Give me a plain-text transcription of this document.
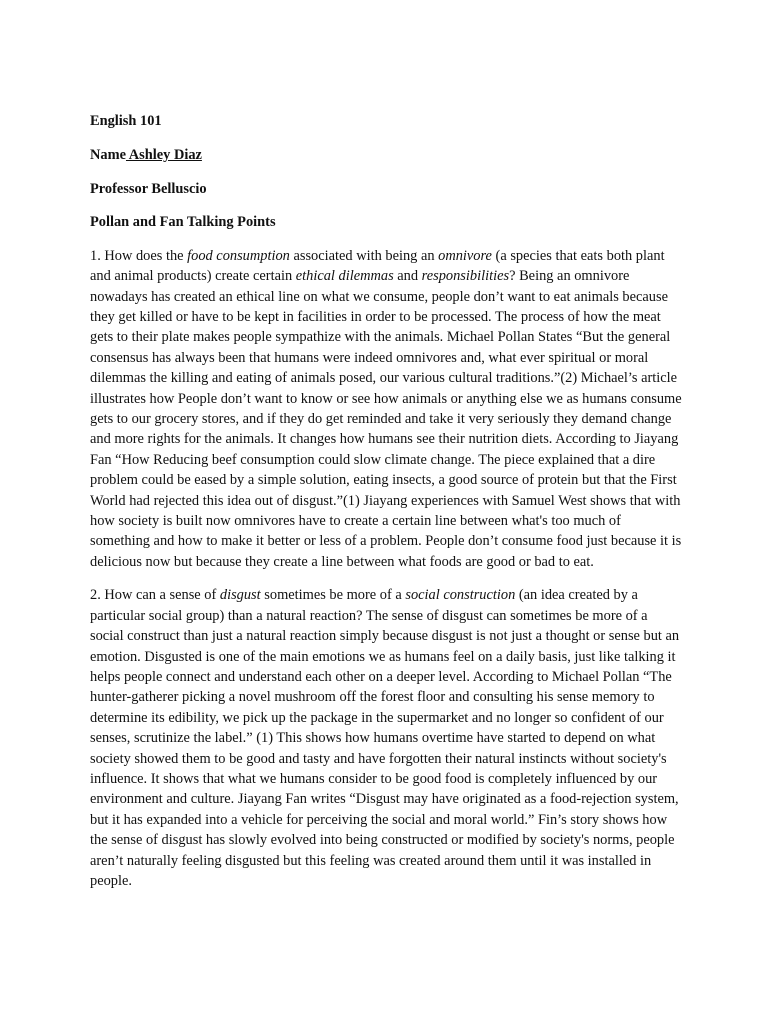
English 101
Name Ashley Diaz
Professor Belluscio
Pollan and Fan Talking Points

1. How does the food consumption associated with being an omnivore (a species that eats both plant and animal products) create certain ethical dilemmas and responsibilities? Being an omnivore nowadays has created an ethical line on what we consume, people don’t want to eat animals because they get killed or have to be kept in facilities in order to be processed. The process of how the meat gets to their plate makes people sympathize with the animals. Michael Pollan States “But the general consensus has always been that humans were indeed omnivores and, what ever spiritual or moral dilemmas the killing and eating of animals posed, our various cultural traditions.”(2) Michael’s article illustrates how People don’t want to know or see how animals or anything else we as humans consume gets to our grocery stores, and if they do get reminded and take it very seriously they demand change and more rights for the animals. It changes how humans see their nutrition diets. According to Jiayang Fan “How Reducing beef consumption could slow climate change. The piece explained that a dire problem could be eased by a simple solution, eating insects, a good source of protein but that the First World had rejected this idea out of disgust.”(1) Jiayang experiences with Samuel West shows that with how society is built now omnivores have to create a certain line between what's too much of something and how to make it better or less of a problem. People don’t consume food just because it is delicious now but because they create a line between what foods are good or bad to eat.

2. How can a sense of disgust sometimes be more of a social construction (an idea created by a particular social group) than a natural reaction? The sense of disgust can sometimes be more of a social construct than just a natural reaction simply because disgust is not just a thought or sense but an emotion. Disgusted is one of the main emotions we as humans feel on a daily basis, just like talking it helps people connect and understand each other on a deeper level. According to Michael Pollan “The hunter-gatherer picking a novel mushroom off the forest floor and consulting his sense memory to determine its edibility, we pick up the package in the supermarket and no longer so confident of our senses, scrutinize the label.” (1) This shows how humans overtime have started to depend on what society showed them to be good and tasty and have forgotten their natural instincts without society's influence. It shows that what we humans consider to be good food is completely influenced by our environment and culture. Jiayang Fan writes “Disgust may have originated as a food-rejection system, but it has expanded into a vehicle for perceiving the social and moral world.” Fin’s story shows how the sense of disgust has slowly evolved into being constructed or modified by society's norms, people aren’t naturally feeling disgusted but this feeling was created around them until it was installed in people.
